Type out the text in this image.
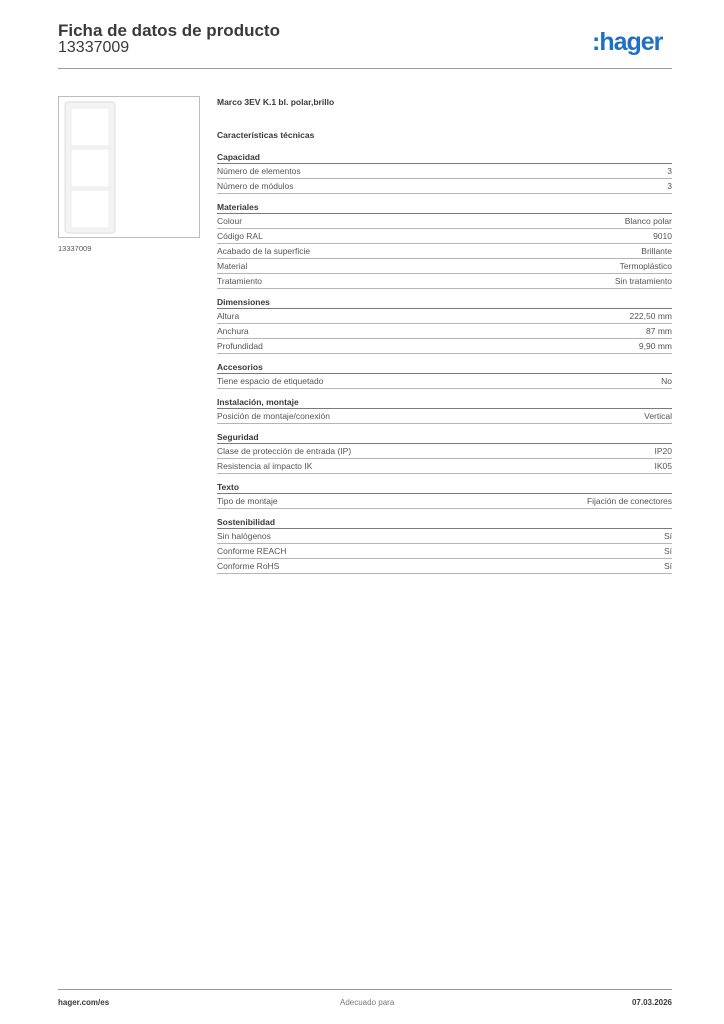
Ficha de datos de producto
13337009	:hager
13337009
Marco 3EV K.1 bl. polar,brillo
Características técnicas
Capacidad
Número de elementos	3
Número de módulos	3
Materiales
Colour	Blanco polar
Código RAL	9010
Acabado de la superficie	Brillante
Material	Termoplástico
Tratamiento	Sin tratamiento
Dimensiones
Altura	222,50 mm
Anchura	87 mm
Profundidad	9,90 mm
Accesorios
Tiene espacio de etiquetado	No
Instalación, montaje
Posición de montaje/conexión	Vertical
Seguridad
Clase de protección de entrada (IP)	IP20
Resistencia al impacto IK	IK05
Texto
Tipo de montaje	Fijación de conectores
Sostenibilidad
Sin halógenos	Sí
Conforme REACH	Sí
Conforme RoHS	Sí
hager.com/es	Adecuado para	07.03.2026
